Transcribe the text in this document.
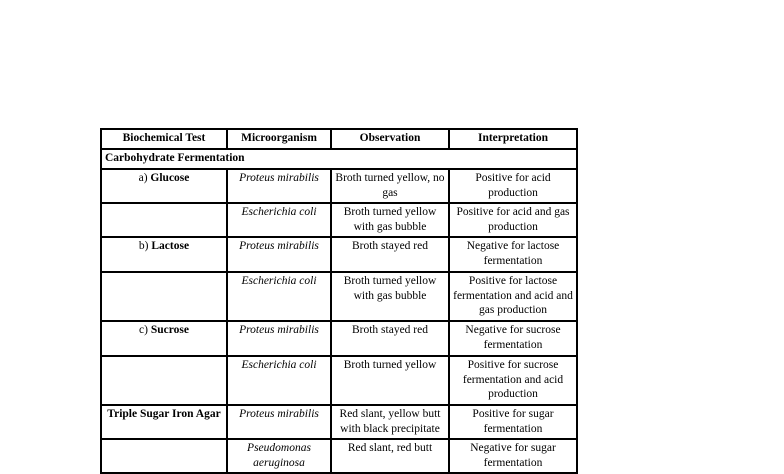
Biochemical Test	Microorganism	Observation	Interpretation
Carbohydrate Fermentation			
a) Glucose	Proteus mirabilis	Broth turned yellow, no gas	Positive for acid production
	Escherichia coli	Broth turned yellow with gas bubble	Positive for acid and gas production
b) Lactose	Proteus mirabilis	Broth stayed red	Negative for lactose fermentation
	Escherichia coli	Broth turned yellow with gas bubble	Positive for lactose fermentation and acid and gas production
c) Sucrose	Proteus mirabilis	Broth stayed red	Negative for sucrose fermentation
	Escherichia coli	Broth turned yellow	Positive for sucrose fermentation and acid production
Triple Sugar Iron Agar	Proteus mirabilis	Red slant, yellow butt with black precipitate	Positive for sugar fermentation
	Pseudomonas aeruginosa	Red slant, red butt	Negative for sugar fermentation
